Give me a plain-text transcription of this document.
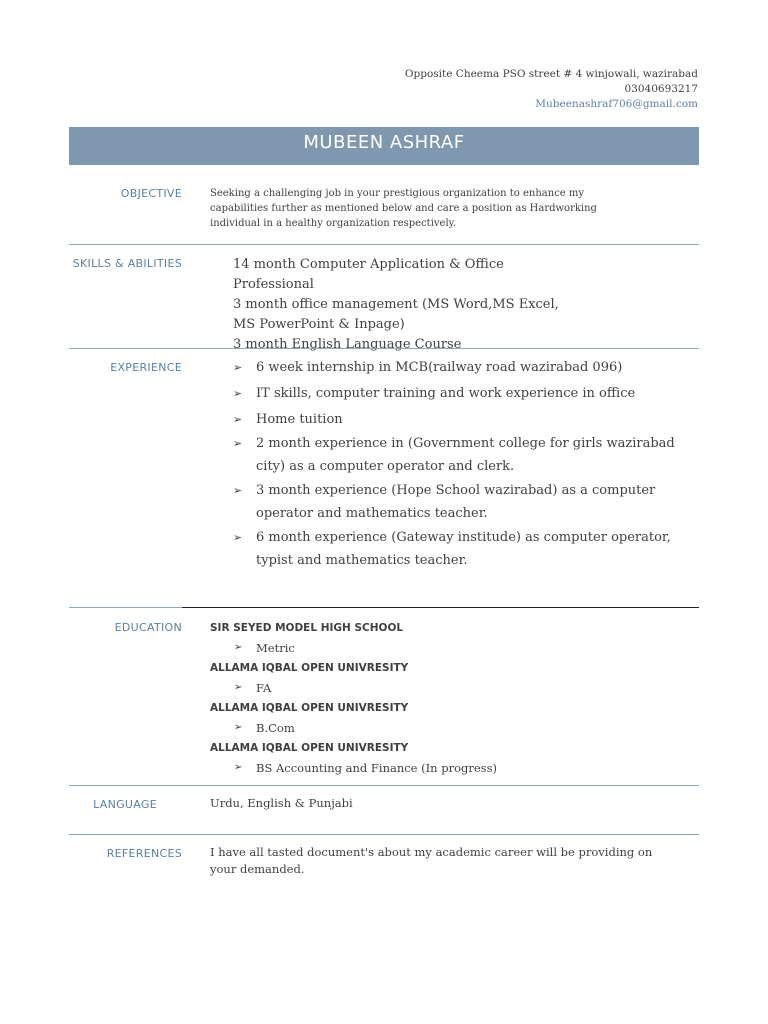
Opposite Cheema PSO street # 4 winjowali, wazirabad
03040693217
Mubeenashraf706@gmail.com
MUBEEN ASHRAF
OBJECTIVE	Seeking a challenging job in your prestigious organization to enhance my capabilities further as mentioned below and care a position as Hardworking individual in a healthy organization respectively.
SKILLS & ABILITIES	14 month Computer Application & Office Professional
3 month office management (MS Word,MS Excel, MS PowerPoint & Inpage)
3 month English Language Course
EXPERIENCE	➢ 6 week internship in MCB(railway road wazirabad 096)
➢ IT skills, computer training and work experience in office
➢ Home tuition
➢ 2 month experience in (Government college for girls wazirabad city) as a computer operator and clerk.
➢ 3 month experience (Hope School wazirabad) as a computer operator and mathematics teacher.
➢ 6 month experience (Gateway institude) as computer operator, typist and mathematics teacher.
EDUCATION	SIR SEYED MODEL HIGH SCHOOL
➢ Metric
ALLAMA IQBAL OPEN UNIVRESITY
➢ FA
ALLAMA IQBAL OPEN UNIVRESITY
➢ B.Com
ALLAMA IQBAL OPEN UNIVRESITY
➢ BS Accounting and Finance (In progress)
LANGUAGE	Urdu, English & Punjabi
REFERENCES I have all tasted document's about my academic career will be providing on your demanded.
